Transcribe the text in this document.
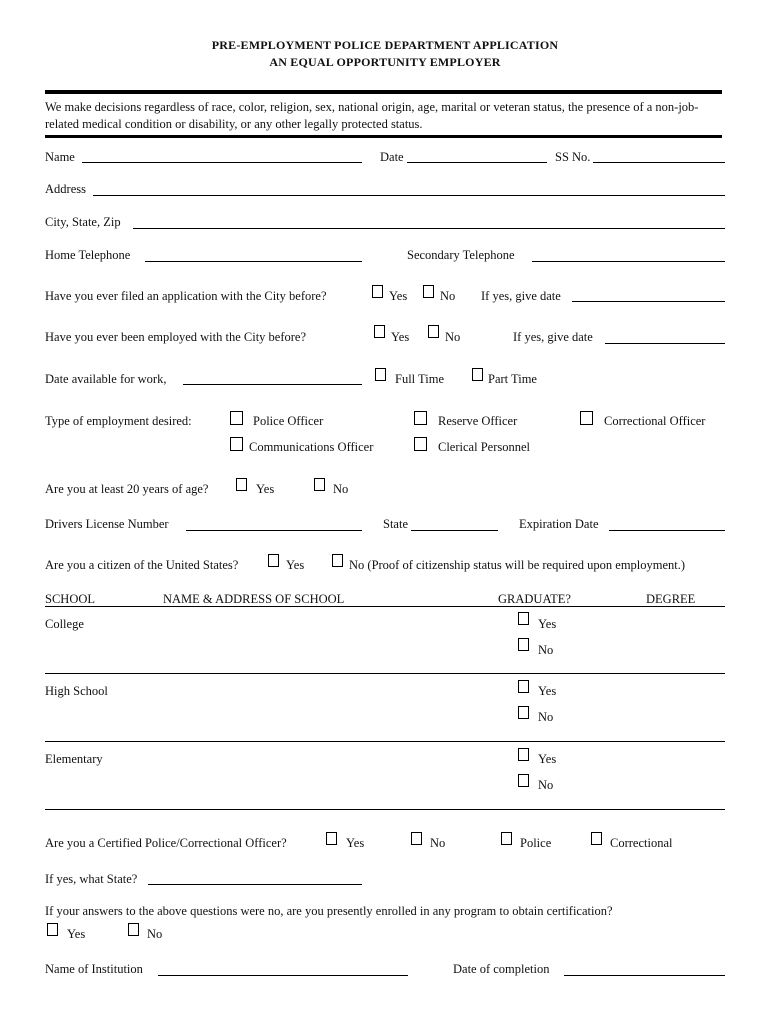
PRE-EMPLOYMENT POLICE DEPARTMENT APPLICATION
AN EQUAL OPPORTUNITY EMPLOYER
We make decisions regardless of race, color, religion, sex, national origin, age, marital or veteran status, the presence of a non-job-related medical condition or disability, or any other legally protected status.
Name	Date	SS No.
Address
City, State, Zip
Home Telephone	Secondary Telephone
Have you ever filed an application with the City before?	Yes	No If yes, give date
Have you ever been employed with the City before?	Yes	No	If yes, give date
Date available for work,	Full Time	Part Time
Type of employment desired:	Police Officer	Reserve Officer	Correctional Officer
Communications Officer	Clerical Personnel
Are you at least 20 years of age?	Yes	No
Drivers License Number	State	Expiration Date
Are you a citizen of the United States?	Yes	No (Proof of citizenship status will be required upon employment.)
SCHOOL	NAME & ADDRESS OF SCHOOL	GRADUATE?	DEGREE
College	Yes
No
High School	Yes
No
Elementary	Yes
No
Are you a Certified Police/Correctional Officer?	Yes	No	Police	Correctional
If yes, what State?
If your answers to the above questions were no, are you presently enrolled in any program to obtain certification?
Yes	No
Name of Institution	Date of completion
